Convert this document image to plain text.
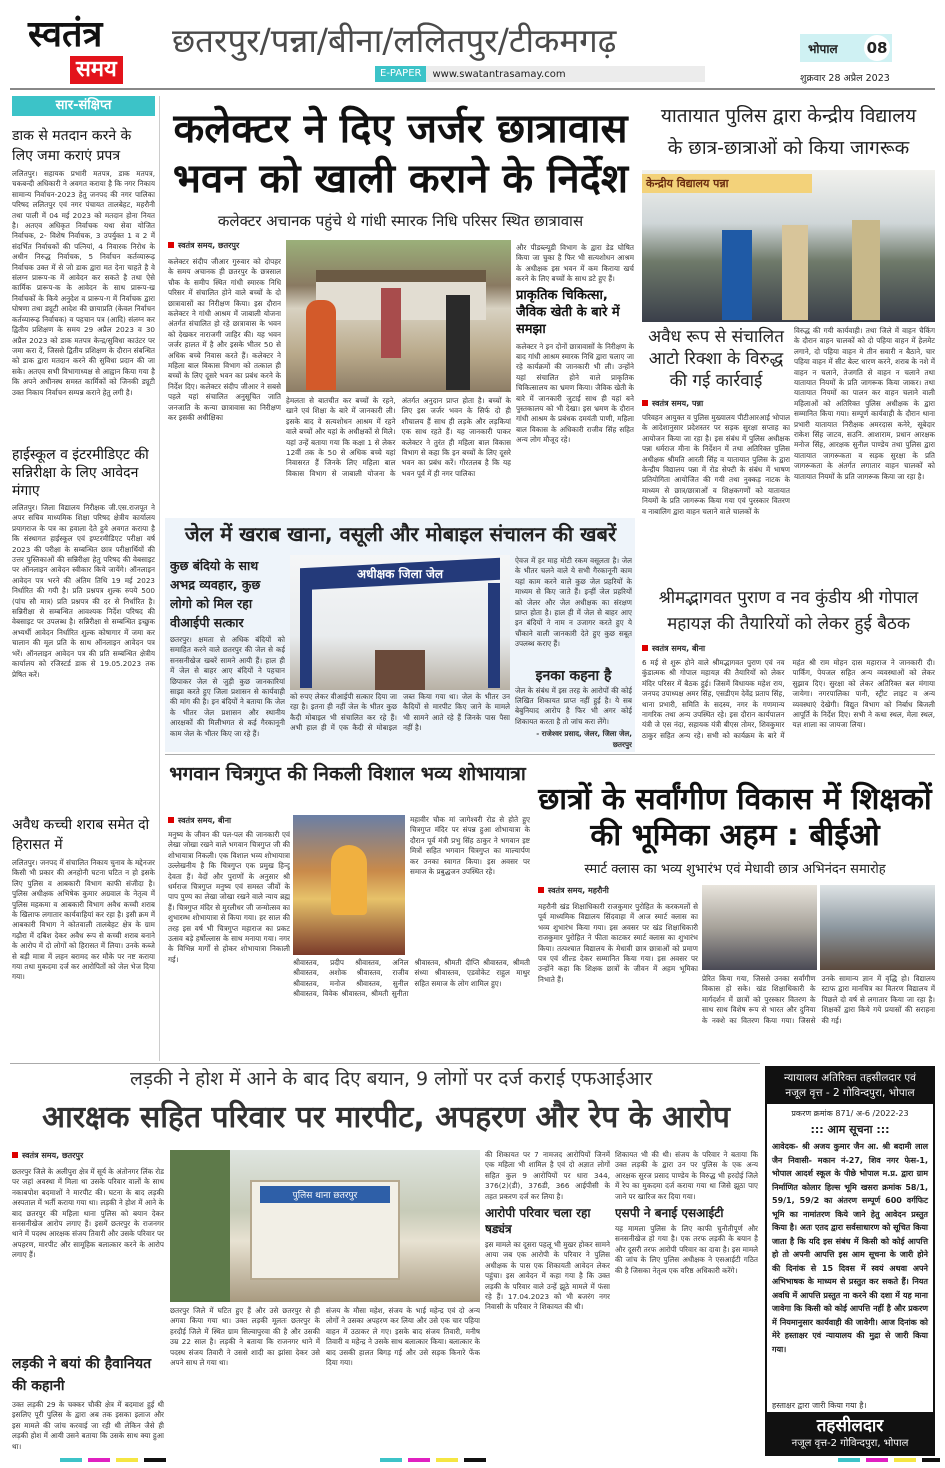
स्वतंत्र
समय
छतरपुर/पन्ना/बीना/ललितपुर/टीकमगढ़
E-PAPER	www.swatantrasamay.com
भोपाल 08
शुक्रवार 28 अप्रैल 2023
सार-संक्षिप्त
डाक से मतदान करने के लिए जमा कराएं प्रपत्र
ललितपुर। सहायक प्रभारी मतपत्र, डाक मतपत्र, चकबन्दी अधिकारी ने अवगत कराया है कि नगर निकाय सामान्य निर्वाचन-2023 हेतु जनपद की नगर पालिका परिषद ललितपुर एवं नगर पंचायत तालबेहट, महरौनी तथा पाली में 04 मई 2023 को मतदान होना नियत है। अतएव अधिकृत निर्वाचक यथा सेवा योजित निर्वाचक, 2- विशेष निर्वाचक, 3 उपर्युक्त 1 व 2 में संदर्भित निर्वाचकों की पत्नियां, 4 निवारक निरोध के अधीन निरुद्ध निर्वाचक, 5 निर्वाचन कर्तव्यारूढ़ निर्वाचक उक्त में से जो डाक द्वारा मत देना चाहते है वे संलग्न प्रारूप-क में आवेदन कर सकते है तथा ऐसे कार्मिक प्रारूप-क के आवेदन के साथ प्रारूप-ख निर्वाचकों के किये अनुदेश व प्रारूप-ग में निर्वाचक द्वारा घोषणा तथा ड्यूटी आदेश की छायाप्रति (केवल निर्वाचन कर्तव्यारूढ़ निर्वाचक) व पहचान पत्र (आदि) संलग्न कर द्वितीय प्रशिक्षण के समय 29 अप्रैल 2023 व 30 अप्रैल 2023 को डाक मतपत्र केन्द्र/सुविधा काउंटर पर जमा करा दें, जिससे द्वितीय प्रशिक्षण के दौरान संबन्धित को डाक द्वारा मतदान करने की सुविधा प्रदान की जा सके। अतएव सभी विभागाध्यक्ष से आह्वान किया गया है कि अपने अधीनस्थ समस्त कार्मिकों को जिनकी ड्यूटी उक्त निकाय निर्वाचन सम्पन्न कराने हेतु लगी है।
हाईस्कूल व इंटरमीडिएट की सन्निरीक्षा के लिए आवेदन मंगाए
ललितपुर। जिला विद्यालय निरीक्षक जी.एस.राजपूत ने अपर सचिव माध्यमिक शिक्षा परिषद क्षेत्रीय कार्यालय प्रयागराज के पत्र का हवाला देते हुये अवगत कराया है कि संस्थागत हाईस्कूल एवं इण्टरमीडिएट परीक्षा वर्ष 2023 की परीक्षा के सम्बन्धित छात्र परीक्षार्थियों की उत्तर पुस्तिकाओं की सन्निरीक्षा हेतु परिषद की वेबसाइट पर ऑनलाइन आवेदन स्वीकार किये जायेंगे। ऑनलाइन आवेदन पत्र भरने की अंतिम तिथि 19 मई 2023 निर्धारित की गयी है। प्रति प्रश्नपत्र शुल्क रुपये 500 (पांच सौ मात्र) प्रति प्रश्नपत्र की दर से निर्धारित है। सन्निरीक्षा से सम्बन्धित आवश्यक निर्देश परिषद की वेबसाइट पर उपलब्ध है। सन्निरीक्षा से सम्बन्धित इच्छुक अभ्यर्थी आवेदन निर्धारित शुल्क कोषागार में जमा कर चालान की मूल प्रति के साथ ऑनलाइन आवेदन पत्र भरें। ऑनलाइन आवेदन पत्र की प्रति सम्बन्धित क्षेत्रीय कार्यालय को रजिस्टर्ड डाक से 19.05.2023 तक प्रेषित करें।
अवैध कच्ची शराब समेत दो हिरासत में
ललितपुर। जनपद में संचालित निकाय चुनाव के मद्देनजर किसी भी प्रकार की अनहोनी घटना घटित न हो इसके लिए पुलिस व आबकारी विभाग काफी संजीदा है। पुलिस अधीक्षक अभिषेक कुमार अग्रवाल के नेतृत्व में पुलिस महकमा व आबकारी विभाग अवैध कच्ची शराब के खिलाफ लगातार कार्यवाहियां कर रहा है। इसी क्रम में आबकारी विभाग ने कोतवाली तालबेहट क्षेत्र के ग्राम गढ़ौरा में दबिश देकर अवैध रूप से कच्ची शराब बनाने के आरोप में दो लोगों को हिरासत में लिया। उनके कब्जे से बड़ी मात्रा में लहन बरामद कर मौके पर नष्ट कराया गया तथा मुकदमा दर्ज कर आरोपितों को जेल भेज दिया गया।
कलेक्टर ने दिए जर्जर छात्रावास
भवन को खाली कराने के निर्देश
कलेक्टर अचानक पहुंचे थे गांधी स्मारक निधि परिसर स्थित छात्रावास
स्वतंत्र समय, छतरपुर
कलेक्टर संदीप जीआर गुरुवार को दोपहर के समय अचानक ही छतरपुर के छत्रसाल चौक के समीप स्थित गांधी स्मारक निधि परिसर में संचालित होने वाले बच्चों के दो छात्रावासों का निरीक्षण किया। इस दौरान कलेक्टर ने गांधी आश्रम में जाबाली योजना अंतर्गत संचालित हो रहे छात्रावास के भवन को देखकर नाराजगी जाहिर की। यह भवन जर्जर हालत में है और इसके भीतर 50 से अधिक बच्चे निवास करते हैं। कलेक्टर ने महिला बाल विकास विभाग को तत्काल ही बच्चों के लिए दूसरे भवन का प्रबंध करने के निर्देश दिए। कलेक्टर संदीप जीआर ने सबसे पहले यहां संचालित अनुसूचित जाति जनजाति के कन्या छात्रावास का निरीक्षण कर इसकी अधीक्षिका
हेमलता से बातचीत कर बच्चों के रहने, खाने एवं शिक्षा के बारे में जानकारी ली। इसके बाद वे सत्यशोधन आश्रम में रहने वाले बच्चों और यहां के अधीक्षकों से मिले। यहां उन्हें बताया गया कि कक्षा 1 से लेकर 12वीं तक के 50 से अधिक बच्चे यहां निवासरत हैं जिनके लिए महिला बाल विकास विभाग से जाबाली योजना के अंतर्गत अनुदान प्राप्त होता है। बच्चों के लिए इस जर्जर भवन के सिर्फ दो ही शौचालय हैं साथ ही लड़के और लड़कियां एक साथ रहते हैं। यह जानकारी पाकर कलेक्टर ने तुरंत ही महिला बाल विकास विभाग से कहा कि इन बच्चों के लिए दूसरे भवन का प्रबंध करें। गौरतलब है कि यह भवन पूर्व में ही नगर पालिका
और पीडब्ल्यूडी विभाग के द्वारा डेड घोषित किया जा चुका है फिर भी सत्यशोधन आश्रम के अधीक्षक इस भवन में कम किराया खर्च करने के लिए बच्चों के साथ डटे हुए हैं।
प्राकृतिक चिकित्सा, जैविक खेती के बारे में समझा
कलेक्टर ने इन दोनों छात्रावासों के निरीक्षण के बाद गांधी आश्रम स्मारक निधि द्वारा चलाए जा रहे कार्यक्रमों की जानकारी भी ली। उन्होंने यहां संचालित होने वाले प्राकृतिक चिकित्सालय का भ्रमण किया। जैविक खेती के बारे में जानकारी जुटाई साथ ही यहां बने पुस्तकालय को भी देखा। इस भ्रमण के दौरान गांधी आश्रम के प्रबंधक दमयंती पाणी, महिला बाल विकास के अधिकारी राजीव सिंह सहित अन्य लोग मौजूद रहे।
यातायात पुलिस द्वारा केन्द्रीय विद्यालय
के छात्र-छात्राओं को किया जागरूक
केन्द्रीय विद्यालय पन्ना
अवैध रूप से संचालित आटो रिक्शा के विरुद्ध की गई कार्रवाई
स्वतंत्र समय, पन्ना
परिवहन आयुक्त व पुलिस मुख्यालय पीटीआरआई भोपाल के आदेशानुसार प्रदेशस्तर पर सड़क सुरक्षा सप्ताह का आयोजन किया जा रहा है। इस संबंध में पुलिस अधीक्षक पन्ना धर्मराज मीना के निर्देशन में तथा अतिरिक्त पुलिस अधीक्षक श्रीमति आरती सिंह व यातायात पुलिस के द्वारा केन्द्रीय विद्यालय पन्ना में रोड सेफ्टी के संबंध में भाषण प्रतियोगिता आयोजित की गयी तथा नुक्कड़ नाटक के माध्यम से छात्र/छात्राओं व शिक्षकगणों को यातायात नियमों के प्रति जागरूक किया गया एवं पुरस्कार वितरण व नाबालिग द्वारा वाहन चलाने वाले चालकों के
विरुद्ध की गयी कार्यवाही। तथा जिले में वाहन चैकिंग के दौरान वाहन चालकों को दो पहिया वाहन में हेलमेट लगाने, दो पहिया वाहन मे तीन सवारी न बैठाने, चार पहिया वाहन में सीट बेल्ट धारण करने, शराब के नशे में वाहन न चलाने, तेजगति से वाहन न चलाने तथा यातायात नियमों के प्रति जागरूक किया जाकर। तथा यातायात नियमों का पालन कर वाहन चलाने वाली महिलाओं को अतिरिक्त पुलिस अधीक्षक के द्वारा सम्मानित किया गया। सम्पूर्ण कार्यवाही के दौरान थाना प्रभारी यातायात निरीक्षक अमरदास कनेरे, सूबेदार राकेश सिंह जाटव, सउनि. आशाराम, प्रधान आरक्षक मनोज सिंह, आरक्षक सुनील पाण्डेय तथा पुलिस द्वारा यातायात जागरूकता व सड़क सुरक्षा के प्रति जागरूकता के अंतर्गत लगातार वाहन चालकों को यातायात नियमों के प्रति जागरूक किया जा रहा है।
जेल में खराब खाना, वसूली और मोबाइल संचालन की खबरें
कुछ बंदियो के साथ अभद्र व्यवहार, कुछ लोगो को मिल रहा वीआईपी सत्कार
छतरपुर। क्षमता से अधिक बंदियों को समाहित करने वाले छतरपुर की जेल से कई सनसनीखेज खबरें सामने आयी हैं। हाल ही में जेल से बाहर आए बंदियों ने पहचान छिपाकर जेल से जुड़ी कुछ जानकारियां साझा करते हुए जिला प्रशासन से कार्यवाही की मांग की है। इन बंदियों ने बताया कि जेल के भीतर जेल प्रशासन और स्थानीय आरक्षकों की मिलीभगत से कई गैरकानूनी काम जेल के भीतर किए जा रहे हैं।
अधीक्षक जिला जेल
को रुपए लेकर वीआईपी सत्कार दिया जा रहा है। इतना ही नहीं जेल के भीतर कुछ कैदी मोबाइल भी संचालित कर रहे हैं। अभी हाल ही में एक कैदी से मोबाइल जब्त किया गया था। जेल के भीतर उन कैदियों से मारपीट किए जाने के मामले भी सामने आते रहे हैं जिनके पास पैसा नहीं है।
ऐवज में हर माह मोटी रकम वसूलता है। जेल के भीतर चलने वाले ये सभी गैरकानूनी काम यहां काम करने वाले कुछ जेल प्रहरियों के माध्यम से किए जाते हैं। इन्हीं जेल प्रहरियों को जेलर और जेल अधीक्षक का संरक्षण प्राप्त होता है। हाल ही में जेल से बाहर आए इन बंदियों ने नाम न उजागर करते हुए ये चौंकाने वाली जानकारी देते हुए कुछ सबूत उपलब्ध कराए हैं।
इनका कहना है
जेल के संबंध में इस तरह के आरोपों की कोई लिखित शिकायत प्राप्त नहीं हुई है। ये सब बेबुनियाद आरोप है फिर भी अगर कोई शिकायत करता है तो जांच करा लेंगे।
- राजेश्वर प्रसाद, जेलर, जिला जेल, छतरपुर
श्रीमद्भागवत पुराण व नव कुंडीय श्री गोपाल महायज्ञ की तैयारियों को लेकर हुई बैठक
स्वतंत्र समय, बीना
6 मई से शुरू होने वाले श्रीमद्भागवत पुराण एवं नव कुंडात्मक श्री गोपाल महायज्ञ की तैयारियों को लेकर मंदिर परिसर में बैठक हुई। जिसमें विधायक महेश राय, जनपद उपाध्यक्ष अमर सिंह, एसडीएम देवेंद्र प्रताप सिंह, थाना प्रभारी, समिति के सदस्य, नगर के गणमान्य नागरिक तथा अन्य उपस्थित रहे। इस दौरान कार्यपालन यंत्री जे एस नंदा, सहायक यंत्री बीएस तोमर, शिवकुमार ठाकुर सहित अन्य रहे। सभी को कार्यक्रम के बारे में महंत श्री राम मोहन दास महाराज ने जानकारी दी। पार्किंग, पेयजल सहित अन्य व्यवस्थाओं को लेकर सुझाव दिए। सुरक्षा को लेकर अतिरिक्त बल मंगाया जायेगा। नगरपालिका पानी, स्ट्रीट लाइट व अन्य व्यवस्थाएं देखेगी। विद्युत विभाग को निर्बाध बिजली आपूर्ति के निर्देश दिए। सभी ने कथा स्थल, मेला स्थल, यज्ञ शाला का जायजा लिया।
भगवान चित्रगुप्त की निकली विशाल भव्य शोभायात्रा
स्वतंत्र समय, बीना
मनुष्य के जीवन की पल-पल की जानकारी एवं लेखा जोखा रखने वाले भगवान चित्रगुप्त जी की शोभायात्रा निकली। एक विशाल भव्य शोभायात्रा उल्लेखनीय है कि चित्रगुप्त एक प्रमुख हिन्दू देवता हैं। वेदों और पुराणों के अनुसार श्री धर्मराज चित्रगुप्त मनुष्य एवं समस्त जीवों के पाप पुण्य का लेखा जोखा रखने वाले न्याय ब्रह्म हैं। चित्रगुप्त मंदिर से मुरलीधर जी जन्मोत्सव का शुभारम्भ शोभायात्रा से किया गया। हर साल की तरह इस वर्ष भी चित्रगुप्त महाराज का प्रकट उत्सव बड़े हर्षोल्लास के साथ मनाया गया। नगर के विभिन्न मार्गों से होकर शोभायात्रा निकाली गई।
महावीर चौक मां जागेश्वरी रोड से होते हुए चित्रगुप्त मंदिर पर संपन्न हुआ शोभायात्रा के दौरान पूर्व मंत्री प्रभु सिंह ठाकुर ने भगवान इष्ट मित्रों सहित भगवान चित्रगुप्त का माल्यार्पण कर उनका स्वागत किया। इस अवसर पर समाज के प्रबुद्धजन उपस्थित रहे।
श्रीवास्तव, प्रदीप श्रीवास्तव, अनिल श्रीवास्तव, अशोक श्रीवास्तव, राजीव श्रीवास्तव, मनोज श्रीवास्तव, सुनील श्रीवास्तव, विवेक श्रीवास्तव, श्रीमती सुनीता श्रीवास्तव, श्रीमती दीप्ति श्रीवास्तव, श्रीमती संध्या श्रीवास्तव, एडवोकेट राहुल माथुर सहित समाज के लोग शामिल हुए।
छात्रों के सर्वांगीण विकास में शिक्षकों
की भूमिका अहम : बीईओ
स्मार्ट क्लास का भव्य शुभारंभ एवं मेधावी छात्र अभिनंदन समारोह
स्वतंत्र समय, महरौनी
महरौनी खंड शिक्षाधिकारी राजकुमार पुरोहित के करकमलों से पूर्व माध्यमिक विद्यालय सिंदवाहा में आज स्मार्ट क्लास का भव्य शुभारंभ किया गया। इस अवसर पर खंड शिक्षाधिकारी राजकुमार पुरोहित ने फीता काटकर स्मार्ट क्लास का शुभारंभ किया। तत्पश्चात विद्यालय के मेधावी छात्र छात्राओं को प्रमाण पत्र एवं शील्ड देकर सम्मानित किया गया। इस अवसर पर उन्होंने कहा कि शिक्षक छात्रों के जीवन में अहम भूमिका निभाते हैं।	प्रेरित किया गया, जिससे उनका सर्वांगीण विकास हो सके। खंड शिक्षाधिकारी के मार्गदर्शन में छात्रों को पुरस्कार वितरण के साथ साथ विशेष रूप से भारत और दुनिया के नक्शे का वितरण किया गया। जिससे उनके सामान्य ज्ञान में वृद्धि हो। विद्यालय स्टाफ द्वारा मानचित्र का वितरण विद्यालय में पिछले दो वर्ष से लगातार किया जा रहा है। शिक्षकों द्वारा किये गये प्रयासों की सराहना की गई।
लड़की ने होश में आने के बाद दिए बयान, 9 लोगों पर दर्ज कराई एफआईआर
आरक्षक सहित परिवार पर मारपीट, अपहरण और रेप के आरोप
स्वतंत्र समय, छतरपुर
छतरपुर जिले के अलीपुरा क्षेत्र में सूर्य के अंतोनगर लिंक रोड पर जहां अवस्था में मिला था उसके परिवार वालों के साथ नकाबपोश बदमाशों ने मारपीट की। घटना के बाद लड़की अस्पताल में भर्ती कराया गया था। लड़की ने होश में आने के बाद छतरपुर की महिला थाना पुलिस को बयान देकर सनसनीखेज आरोप लगाए हैं। इसमें छतरपुर के राजनगर थाने में पदस्थ आरक्षक संजय तिवारी और उसके परिवार पर अपहरण, मारपीट और सामूहिक बलात्कार करने के आरोप लगाए हैं।
लड़की ने बयां की हैवानियत की कहानी
उक्त लड़की 29 के चक्कर चौकी क्षेत्र में बदमाश हुई थी इसलिए पूरी पुलिस के द्वारा अब तक इसका इलाज और इस मामले की जांच करवाई जा रही थी लेकिन जैसे ही लड़की होश में आयी उसने बताया कि उसके साथ क्या हुआ था।
पुलिस थाना छतरपुर
छतरपुर जिले में घटित हुए हैं और उसे छतरपुर से ही अगवा किया गया था। उक्त लड़की मूलतः छतरपुर के हरदौई जिले में स्थित ग्राम सिल्वापुरवा की है और उसकी उम्र 22 साल है। लड़की ने बताया कि राजनगर थाने में पदस्थ संजय तिवारी ने उससे शादी का झांसा देकर उसे अपने साथ ले गया था।
संजय के मौसा महेश, संजय के भाई महेन्द्र एवं दो अन्य लोगों ने उसका अपहरण कर लिया और उसे एक चार पहिया वाहन में उठाकर ले गए। इसके बाद संजय तिवारी, मनीष तिवारी व महेन्द्र ने उसके साथ बलात्कार किया। बलात्कार के बाद उसकी हालत बिगड़ गई और उसे सड़क किनारे फेंक दिया गया।
की शिकायत पर 7 नामजद आरोपियों जिनमें एक महिला भी शामिल है एवं दो अज्ञात लोगों सहित कुल 9 आरोपियों पर धारा 344, 376(2)(डी), 376डी, 366 आईपीसी के तहत प्रकरण दर्ज कर लिया है।
आरोपी परिवार चला रहा षड्यंत्र
इस मामले का दूसरा पहलू भी मुखर होकर सामने आया जब एक आरोपी के परिवार ने पुलिस अधीक्षक के पास एक शिकायती आवेदन लेकर पहुंचा। इस आवेदन में कहा गया है कि उक्त लड़की के परिवार वाले उन्हें झूठे मामले में फंसा रहे हैं। 17.04.2023 को भी बजरंग नगर निवासी के परिवार ने शिकायत की थी।
शिकायत भी की थी। संजय के परिवार ने बताया कि उक्त लड़की के द्वारा उन पर पुलिस के एक अन्य आरक्षक सुरज प्रसाद पाण्डेय के विरुद्ध भी हरदोई जिले में रेप का मुकदमा दर्ज कराया गया था जिसे झूठा पाए जाने पर खारिज कर दिया गया।
एसपी ने बनाई एसआईटी
यह मामला पुलिस के लिए काफी चुनौतीपूर्ण और सनसनीखेज हो गया है। एक तरफ लड़की के बयान है और दूसरी तरफ आरोपी परिवार का दावा है। इस मामले की जांच के लिए पुलिस अधीक्षक ने एसआईटी गठित की है जिसका नेतृत्व एक वरिष्ठ अधिकारी करेंगे।
न्यायालय अतिरिक्त तहसीलदार एवं
नजूल वृत्त - 2 गोविन्दपुरा, भोपाल
प्रकरण क्रमांक 871/ अ-6 /2022-23
::: आम सूचना :::
आवेदक- श्री अजय कुमार जैन आ. श्री बदामी लाल जैन निवासी- मकान नं-27, शिव नगर फेस-1, भोपाल आदर्श स्कूल के पीछे भोपाल म.प्र. द्वारा ग्राम निर्माणित कोलार हिल्स भूमि खसरा क्रमांक 58/1, 59/1, 59/2 का अंतरण सम्पूर्ण 600 वर्गफिट भूमि का नामांतरण किये जाने हेतु आवेदन प्रस्तुत किया है। अतः एतद द्वारा सर्वसाधारण को सूचित किया जाता है कि यदि इस संबंध में किसी को कोई आपत्ति हो तो अपनी आपत्ति इस आम सूचना के जारी होने की दिनांक से 15 दिवस में स्वयं अथवा अपने अभिभाषक के माध्यम से प्रस्तुत कर सकते हैं। नियत अवधि में आपत्ति प्रस्तुत ना करने की दशा में यह माना जावेगा कि किसी को कोई आपत्ति नहीं है और प्रकरण में नियमानुसार कार्यवाही की जावेगी। आज दिनांक को मेरे हस्ताक्षर एवं न्यायालय की मुद्रा से जारी किया गया।
हस्ताक्षर द्वारा जारी किया गया है।
तहसीलदार
नजूल वृत्त-2 गोविन्दपुरा, भोपाल
